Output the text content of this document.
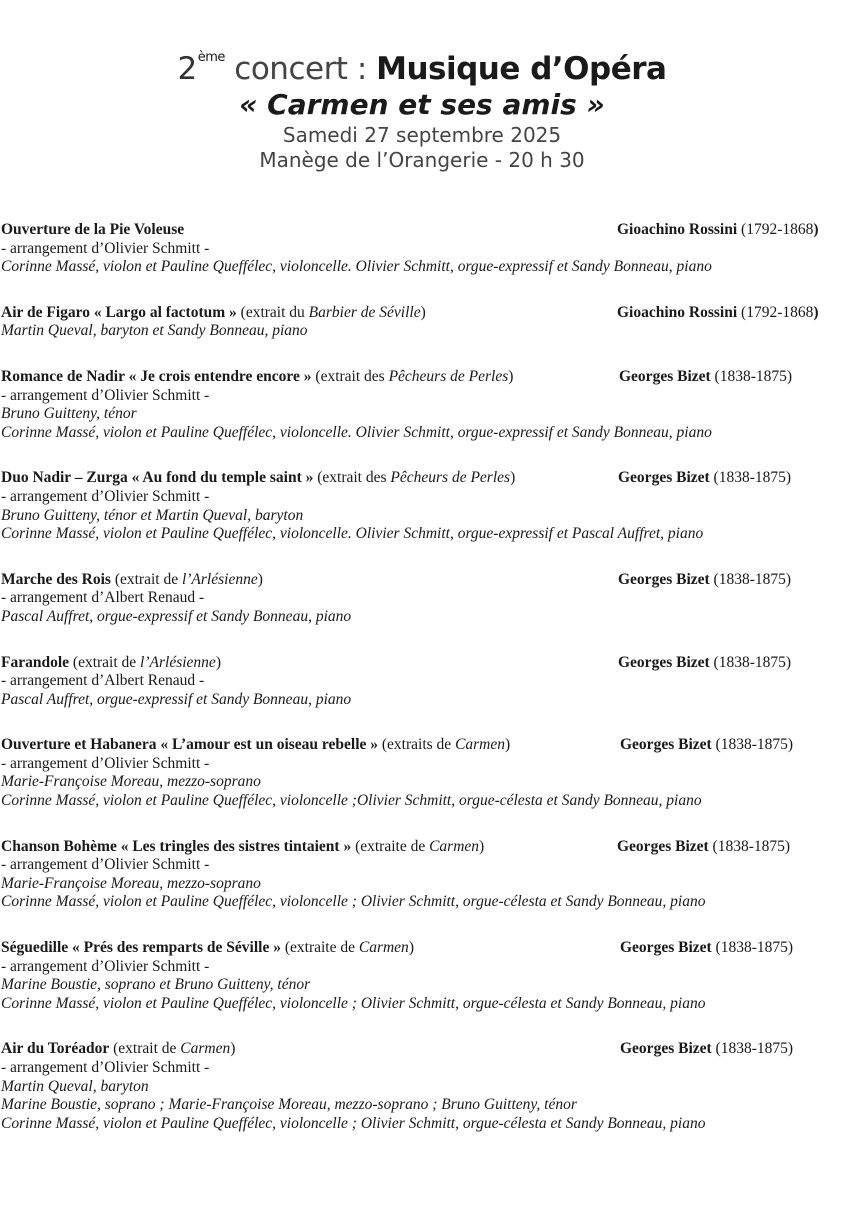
2ème concert : Musique d’Opéra
« Carmen et ses amis »
Samedi 27 septembre 2025
Manège de l’Orangerie - 20 h 30
Ouverture de la Pie Voleuse	Gioachino Rossini (1792-1868)
- arrangement d’Olivier Schmitt -
Corinne Massé, violon et Pauline Queffélec, violoncelle. Olivier Schmitt, orgue-expressif et Sandy Bonneau, piano
Air de Figaro « Largo al factotum » (extrait du Barbier de Séville)	Gioachino Rossini (1792-1868)
Martin Queval, baryton et Sandy Bonneau, piano
Romance de Nadir « Je crois entendre encore » (extrait des Pêcheurs de Perles)	Georges Bizet (1838-1875)
- arrangement d’Olivier Schmitt -
Bruno Guitteny, ténor
Corinne Massé, violon et Pauline Queffélec, violoncelle. Olivier Schmitt, orgue-expressif et Sandy Bonneau, piano
Duo Nadir – Zurga « Au fond du temple saint » (extrait des Pêcheurs de Perles)	Georges Bizet (1838-1875)
- arrangement d’Olivier Schmitt -
Bruno Guitteny, ténor et Martin Queval, baryton
Corinne Massé, violon et Pauline Queffélec, violoncelle. Olivier Schmitt, orgue-expressif et Pascal Auffret, piano
Marche des Rois (extrait de l’Arlésienne)	Georges Bizet (1838-1875)
- arrangement d’Albert Renaud -
Pascal Auffret, orgue-expressif et Sandy Bonneau, piano
Farandole (extrait de l’Arlésienne)	Georges Bizet (1838-1875)
- arrangement d’Albert Renaud -
Pascal Auffret, orgue-expressif et Sandy Bonneau, piano
Ouverture et Habanera « L’amour est un oiseau rebelle » (extraits de Carmen)	Georges Bizet (1838-1875)
- arrangement d’Olivier Schmitt -
Marie-Françoise Moreau, mezzo-soprano
Corinne Massé, violon et Pauline Queffélec, violoncelle ;Olivier Schmitt, orgue-célesta et Sandy Bonneau, piano
Chanson Bohème « Les tringles des sistres tintaient » (extraite de Carmen)	Georges Bizet (1838-1875)
- arrangement d’Olivier Schmitt -
Marie-Françoise Moreau, mezzo-soprano
Corinne Massé, violon et Pauline Queffélec, violoncelle ; Olivier Schmitt, orgue-célesta et Sandy Bonneau, piano
Séguedille « Prés des remparts de Séville » (extraite de Carmen)	Georges Bizet (1838-1875)
- arrangement d’Olivier Schmitt -
Marine Boustie, soprano et Bruno Guitteny, ténor
Corinne Massé, violon et Pauline Queffélec, violoncelle ; Olivier Schmitt, orgue-célesta et Sandy Bonneau, piano
Air du Toréador (extrait de Carmen)	Georges Bizet (1838-1875)
- arrangement d’Olivier Schmitt -
Martin Queval, baryton
Marine Boustie, soprano ; Marie-Françoise Moreau, mezzo-soprano ; Bruno Guitteny, ténor
Corinne Massé, violon et Pauline Queffélec, violoncelle ; Olivier Schmitt, orgue-célesta et Sandy Bonneau, piano
